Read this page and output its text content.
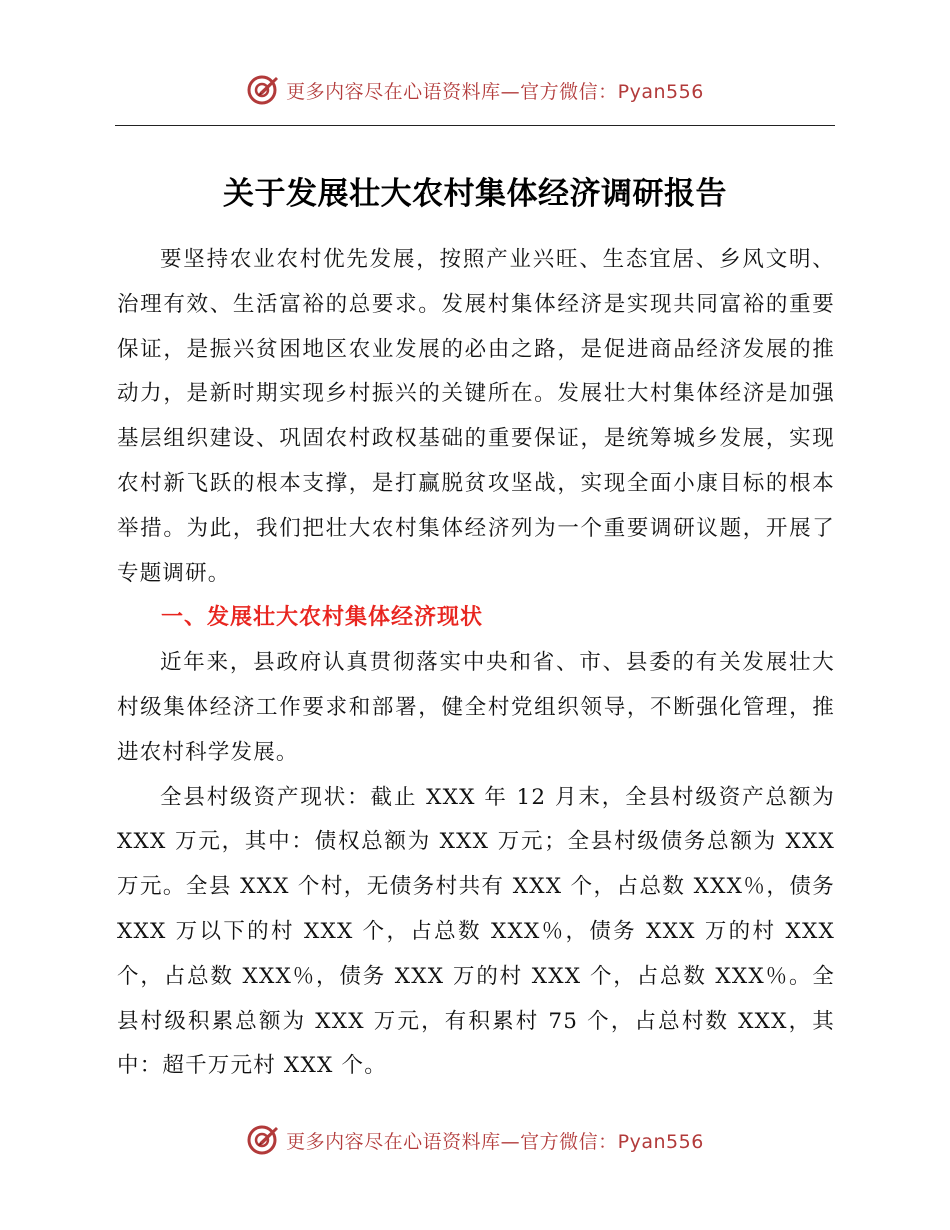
更多内容尽在心语资料库—官方微信：Pyan556
关于发展壮大农村集体经济调研报告

要坚持农业农村优先发展，按照产业兴旺、生态宜居、乡风文明、治理有效、生活富裕的总要求。发展村集体经济是实现共同富裕的重要保证，是振兴贫困地区农业发展的必由之路，是促进商品经济发展的推动力，是新时期实现乡村振兴的关键所在。发展壮大村集体经济是加强基层组织建设、巩固农村政权基础的重要保证，是统筹城乡发展，实现农村新飞跃的根本支撑，是打赢脱贫攻坚战，实现全面小康目标的根本举措。为此，我们把壮大农村集体经济列为一个重要调研议题，开展了专题调研。

一、发展壮大农村集体经济现状

近年来，县政府认真贯彻落实中央和省、市、县委的有关发展壮大村级集体经济工作要求和部署，健全村党组织领导，不断强化管理，推进农村科学发展。

全县村级资产现状：截止 XXX 年 12 月末，全县村级资产总额为 XXX 万元，其中：债权总额为 XXX 万元；全县村级债务总额为 XXX 万元。全县 XXX 个村，无债务村共有 XXX 个，占总数 XXX％，债务 XXX 万以下的村 XXX 个，占总数 XXX％，债务 XXX 万的村 XXX 个，占总数 XXX％，债务 XXX 万的村 XXX 个，占总数 XXX％。全县村级积累总额为 XXX 万元，有积累村 75 个，占总村数 XXX，其中：超千万元村 XXX 个。

更多内容尽在心语资料库—官方微信：Pyan556
